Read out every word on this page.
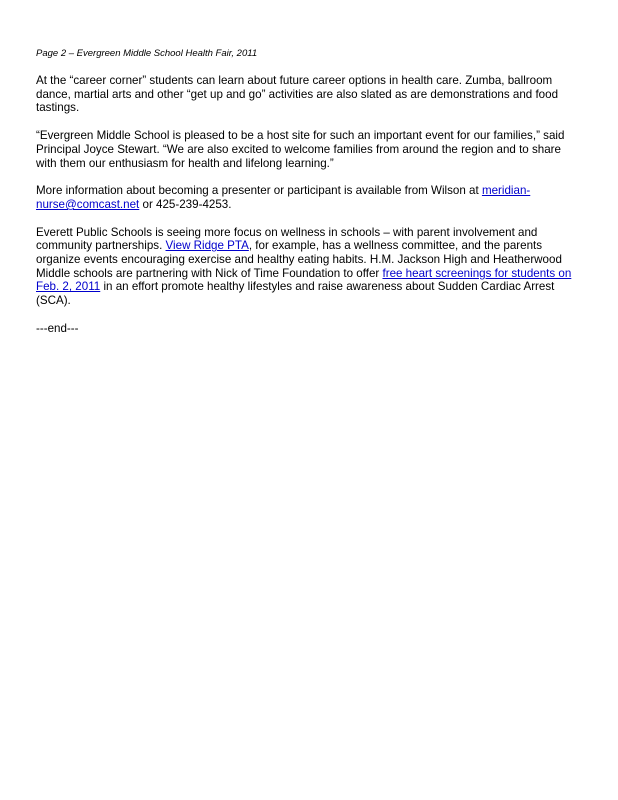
Page 2 – Evergreen Middle School Health Fair, 2011

At the “career corner” students can learn about future career options in health care. Zumba, ballroom dance, martial arts and other “get up and go” activities are also slated as are demonstrations and food tastings.

“Evergreen Middle School is pleased to be a host site for such an important event for our families,” said Principal Joyce Stewart. “We are also excited to welcome families from around the region and to share with them our enthusiasm for health and lifelong learning.”

More information about becoming a presenter or participant is available from Wilson at meridian-nurse@comcast.net or 425-239-4253.

Everett Public Schools is seeing more focus on wellness in schools – with parent involvement and community partnerships. View Ridge PTA, for example, has a wellness committee, and the parents organize events encouraging exercise and healthy eating habits. H.M. Jackson High and Heatherwood Middle schools are partnering with Nick of Time Foundation to offer free heart screenings for students on Feb. 2, 2011 in an effort promote healthy lifestyles and raise awareness about Sudden Cardiac Arrest (SCA).

---end---
